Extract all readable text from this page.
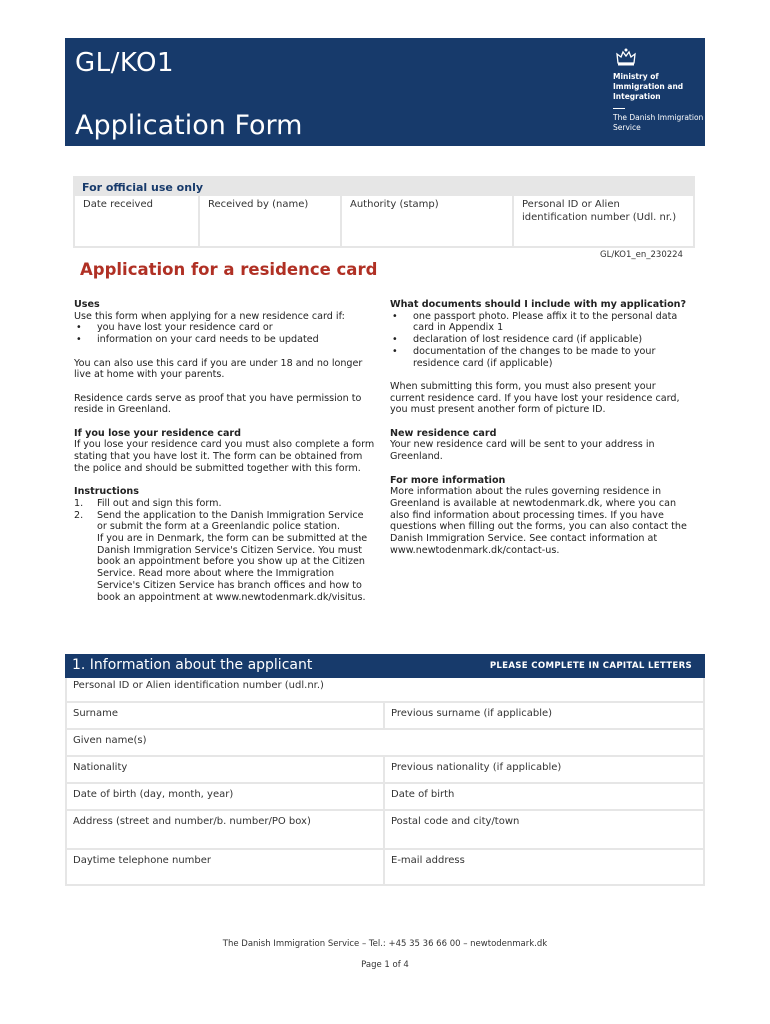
GL/KO1
Application Form
Ministry of Immigration and Integration
The Danish Immigration Service
For official use only
Date received	Received by (name)	Authority (stamp)	Personal ID or Alien identification number (Udl. nr.)
GL/KO1_en_230224
Application for a residence card

Uses

Use this form when applying for a new residence card if:

• you have lost your residence card or
• information on your card needs to be updated

You can also use this card if you are under 18 and no longer live at home with your parents.

Residence cards serve as proof that you have permission to reside in Greenland.

If you lose your residence card

If you lose your residence card you must also complete a form stating that you have lost it. The form can be obtained from the police and should be submitted together with this form.

Instructions

1. Fill out and sign this form.
2. Send the application to the Danish Immigration Service or submit the form at a Greenlandic police station.
If you are in Denmark, the form can be submitted at the Danish Immigration Service's Citizen Service. You must book an appointment before you show up at the Citizen Service. Read more about where the Immigration Service's Citizen Service has branch offices and how to book an appointment at www.newtodenmark.dk/visitus.

What documents should I include with my application?

• one passport photo. Please affix it to the personal data card in Appendix 1
• declaration of lost residence card (if applicable)
• documentation of the changes to be made to your residence card (if applicable)

When submitting this form, you must also present your current residence card. If you have lost your residence card, you must present another form of picture ID.

New residence card

Your new residence card will be sent to your address in Greenland.

For more information

More information about the rules governing residence in Greenland is available at newtodenmark.dk, where you can also find information about processing times. If you have questions when filling out the forms, you can also contact the Danish Immigration Service. See contact information at www.newtodenmark.dk/contact-us.

1. Information about the applicant	PLEASE COMPLETE IN CAPITAL LETTERS
Personal ID or Alien identification number (udl.nr.)
Surname	Previous surname (if applicable)
Given name(s)
Nationality	Previous nationality (if applicable)
Date of birth (day, month, year)	Date of birth
Address (street and number/b. number/PO box)	Postal code and city/town
Daytime telephone number	E-mail address
The Danish Immigration Service – Tel.: +45 35 36 66 00 – newtodenmark.dk
Page 1 of 4
